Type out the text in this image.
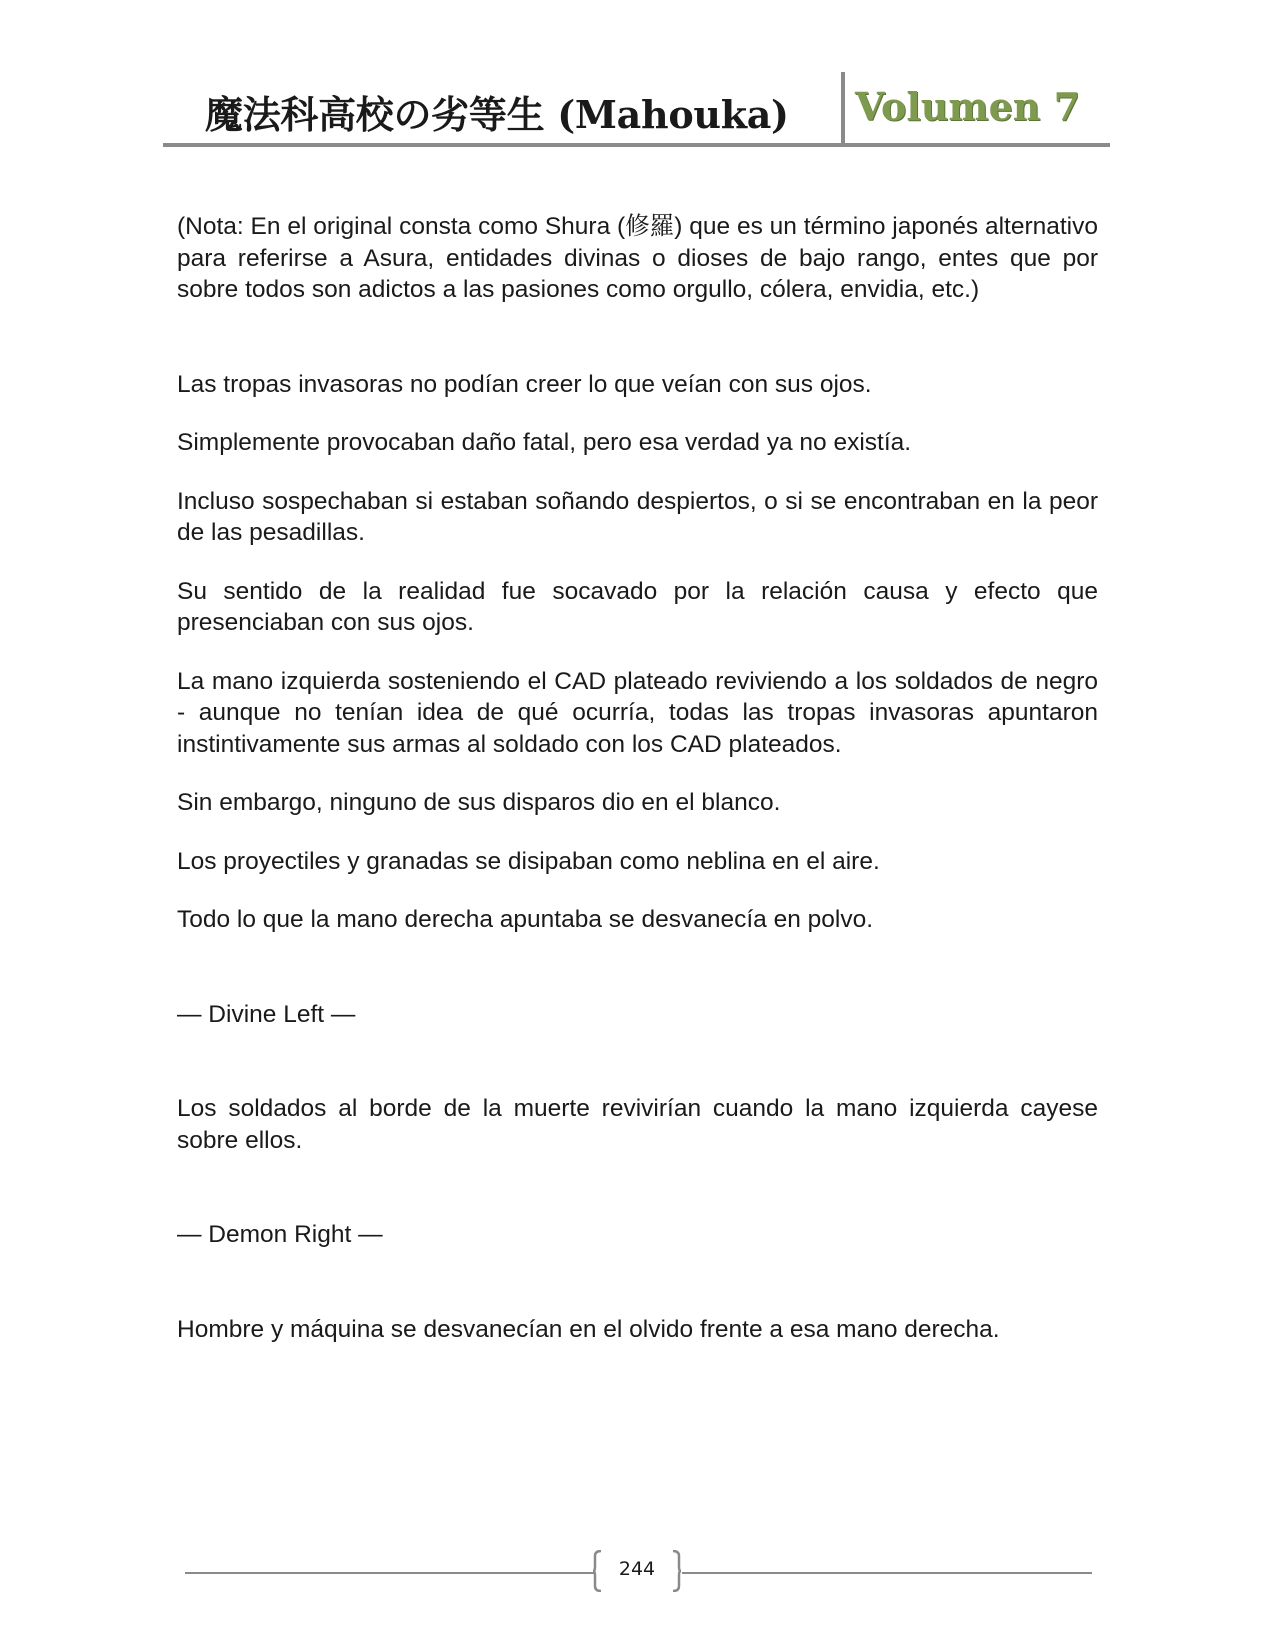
魔法科高校の劣等生 (Mahouka) Volumen 7

(Nota: En el original consta como Shura (修羅) que es un término japonés alternativo para referirse a Asura, entidades divinas o dioses de bajo rango, entes que por sobre todos son adictos a las pasiones como orgullo, cólera, envidia, etc.)

Las tropas invasoras no podían creer lo que veían con sus ojos.

Simplemente provocaban daño fatal, pero esa verdad ya no existía.

Incluso sospechaban si estaban soñando despiertos, o si se encontraban en la peor de las pesadillas.

Su sentido de la realidad fue socavado por la relación causa y efecto que presenciaban con sus ojos.

La mano izquierda sosteniendo el CAD plateado reviviendo a los soldados de negro - aunque no tenían idea de qué ocurría, todas las tropas invasoras apuntaron instintivamente sus armas al soldado con los CAD plateados.

Sin embargo, ninguno de sus disparos dio en el blanco.

Los proyectiles y granadas se disipaban como neblina en el aire.

Todo lo que la mano derecha apuntaba se desvanecía en polvo.

— Divine Left —

Los soldados al borde de la muerte revivirían cuando la mano izquierda cayese sobre ellos.

— Demon Right —

Hombre y máquina se desvanecían en el olvido frente a esa mano derecha.

244
